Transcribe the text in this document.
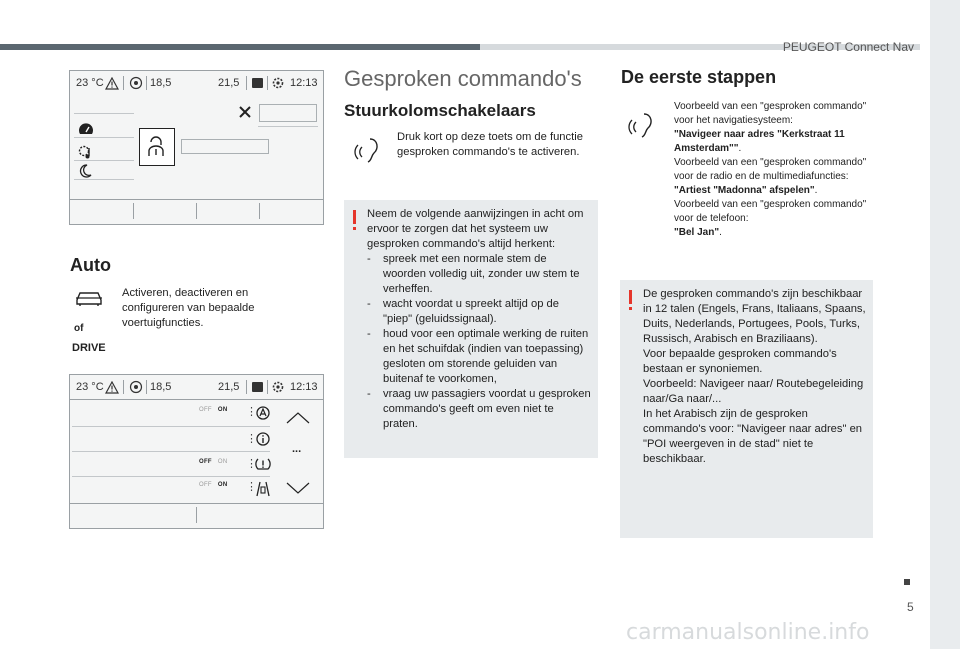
PEUGEOT Connect Nav
23 °C	18,5	21,5	12:13
Auto
of
DRIVE
Activeren, deactiveren en configureren van bepaalde voertuigfuncties.
23 °C	18,5	21,5	12:13
OFF ON ⋮
⋮
...
OFF ON ⋮
OFF ON ⋮
Gesproken commando's
Stuurkolomschakelaars
Druk kort op deze toets om de functie gesproken commando's te activeren.
Neem de volgende aanwijzingen in acht om ervoor te zorgen dat het systeem uw gesproken commando's altijd herkent:
- spreek met een normale stem de woorden volledig uit, zonder uw stem te verheffen.
- wacht voordat u spreekt altijd op de "piep" (geluidssignaal).
- houd voor een optimale werking de ruiten en het schuifdak (indien van toepassing) gesloten om storende geluiden van buitenaf te voorkomen,
- vraag uw passagiers voordat u gesproken commando's geeft om even niet te praten.
De eerste stappen
Voorbeeld van een "gesproken commando" voor het navigatiesysteem:
"Navigeer naar adres "Kerkstraat 11 Amsterdam"".
Voorbeeld van een "gesproken commando" voor de radio en de multimediafuncties:
"Artiest "Madonna" afspelen".
Voorbeeld van een "gesproken commando" voor de telefoon:
"Bel Jan".
De gesproken commando's zijn beschikbaar in 12 talen (Engels, Frans, Italiaans, Spaans, Duits, Nederlands, Portugees, Pools, Turks, Russisch, Arabisch en Braziliaans).
Voor bepaalde gesproken commando's bestaan er synoniemen.
Voorbeeld: Navigeer naar/ Routebegeleiding naar/Ga naar/...
In het Arabisch zijn de gesproken commando's voor: "Navigeer naar adres" en "POI weergeven in de stad" niet te beschikbaar.
5
carmanualsonline.info
